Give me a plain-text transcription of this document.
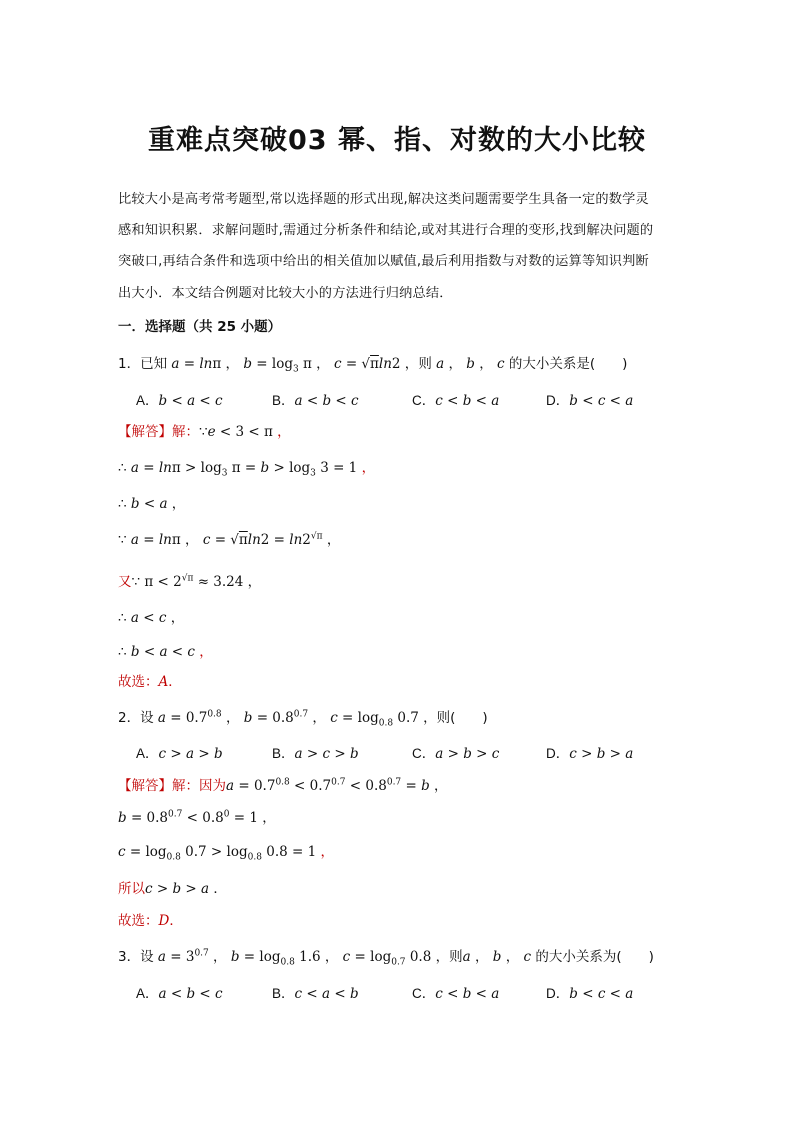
重难点突破03 幂、指、对数的大小比较
比较大小是高考常考题型,常以选择题的形式出现,解决这类问题需要学生具备一定的数学灵
感和知识积累．求解问题时,需通过分析条件和结论,或对其进行合理的变形,找到解决问题的
突破口,再结合条件和选项中给出的相关值加以赋值,最后利用指数与对数的运算等知识判断
出大小．本文结合例题对比较大小的方法进行归纳总结．
一．选择题（共 25 小题）
1．已知 a = lnπ ， $b = \log_3 \pi$ ， c = √πln2 ，则 a ， b ， c 的大小关系是(　　)
A．b < a < c	B．a < b < c	C．c < b < a	D．b < c < a
【解答】解：∵e < 3 < π ，
∴ $a = \ln\pi > \log_3 \pi = b > \log_3 3 = 1$ ，
∴ b < a ，
∵ a = lnπ ， $c = √\pi\ln 2 = \ln 2^{√\pi}$ ，
又∵ $\pi < 2^{√\pi} \approx 3.24$ ，
∴ a < c ，
∴ b < a < c ，
故选：A．
2．设 $a = 0.7^{0.8}$ ， $b = 0.8^{0.7}$ ， $c = \log_{0.8} 0.7$ ，则(　　)
A．c > a > b	B．a > c > b	C．a > b > c	D．c > b > a
【解答】解：因为$a = 0.7^{0.8} < 0.7^{0.7} < 0.8^{0.7} = b$ ，
$b = 0.8^{0.7} < 0.8^0 = 1$ ，
$c = \log_{0.8} 0.7 > \log_{0.8} 0.8 = 1$ ，
所以c > b > a ．
故选：D．
3．设 $a = 3^{0.7}$ ， $b = \log_{0.8} 1.6$ ， $c = \log_{0.7} 0.8$ ，则a ， b ， c 的大小关系为(　　)
A．a < b < c	B．c < a < b	C．c < b < a	D．b < c < a
